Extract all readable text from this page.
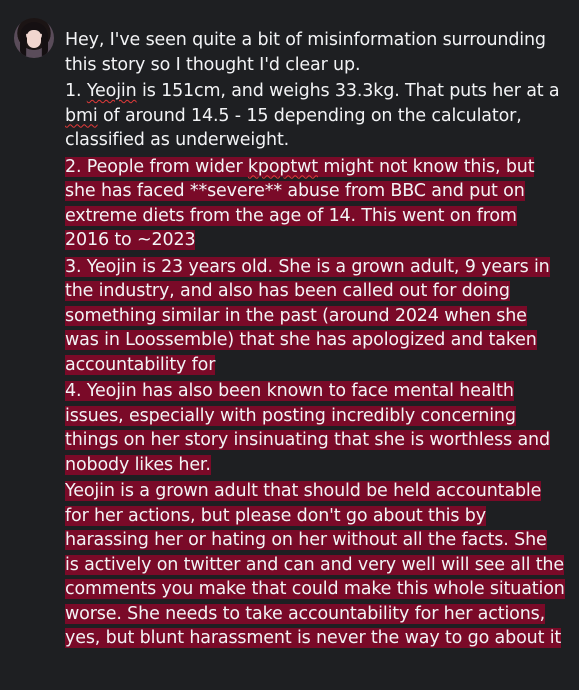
Hey, I've seen quite a bit of misinformation surrounding this story so I thought I'd clear up.

1. Yeojin is 151cm, and weighs 33.3kg. That puts her at a bmi of around 14.5 - 15 depending on the calculator, classified as underweight.

2. People from wider kpoptwt might not know this, but she has faced **severe** abuse from BBC and put on extreme diets from the age of 14. This went on from 2016 to ~2023

3. Yeojin is 23 years old. She is a grown adult, 9 years in the industry, and also has been called out for doing something similar in the past (around 2024 when she was in Loossemble) that she has apologized and taken accountability for

4. Yeojin has also been known to face mental health issues, especially with posting incredibly concerning things on her story insinuating that she is worthless and nobody likes her.

Yeojin is a grown adult that should be held accountable for her actions, but please don't go about this by harassing her or hating on her without all the facts. She is actively on twitter and can and very well will see all the comments you make that could make this whole situation worse. She needs to take accountability for her actions, yes, but blunt harassment is never the way to go about it
